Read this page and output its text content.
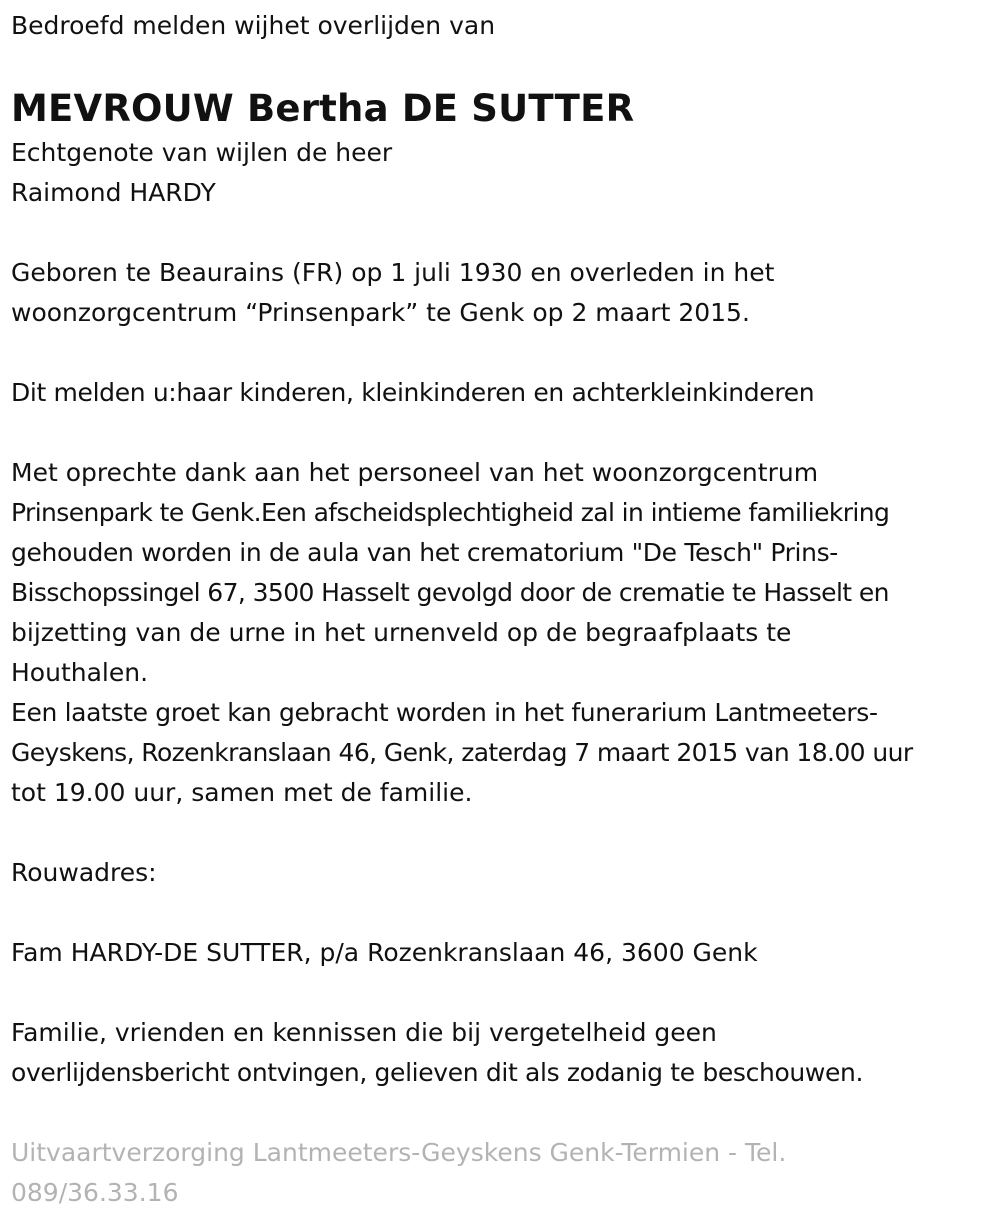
Bedroefd melden wijhet overlijden van
MEVROUW Bertha DE SUTTER
Echtgenote van wijlen de heer
Raimond HARDY
Geboren te Beaurains (FR) op 1 juli 1930 en overleden in het
woonzorgcentrum “Prinsenpark” te Genk op 2 maart 2015.
Dit melden u:haar kinderen, kleinkinderen en achterkleinkinderen
Met oprechte dank aan het personeel van het woonzorgcentrum
Prinsenpark te Genk.Een afscheidsplechtigheid zal in intieme familiekring
gehouden worden in de aula van het crematorium "De Tesch" Prins-
Bisschopssingel 67, 3500 Hasselt gevolgd door de crematie te Hasselt en
bijzetting van de urne in het urnenveld op de begraafplaats te
Houthalen.
Een laatste groet kan gebracht worden in het funerarium Lantmeeters-
Geyskens, Rozenkranslaan 46, Genk, zaterdag 7 maart 2015 van 18.00 uur
tot 19.00 uur, samen met de familie.
Rouwadres:
Fam HARDY-DE SUTTER, p/a Rozenkranslaan 46, 3600 Genk
Familie, vrienden en kennissen die bij vergetelheid geen
overlijdensbericht ontvingen, gelieven dit als zodanig te beschouwen.
Uitvaartverzorging Lantmeeters-Geyskens Genk-Termien - Tel.
089/36.33.16
